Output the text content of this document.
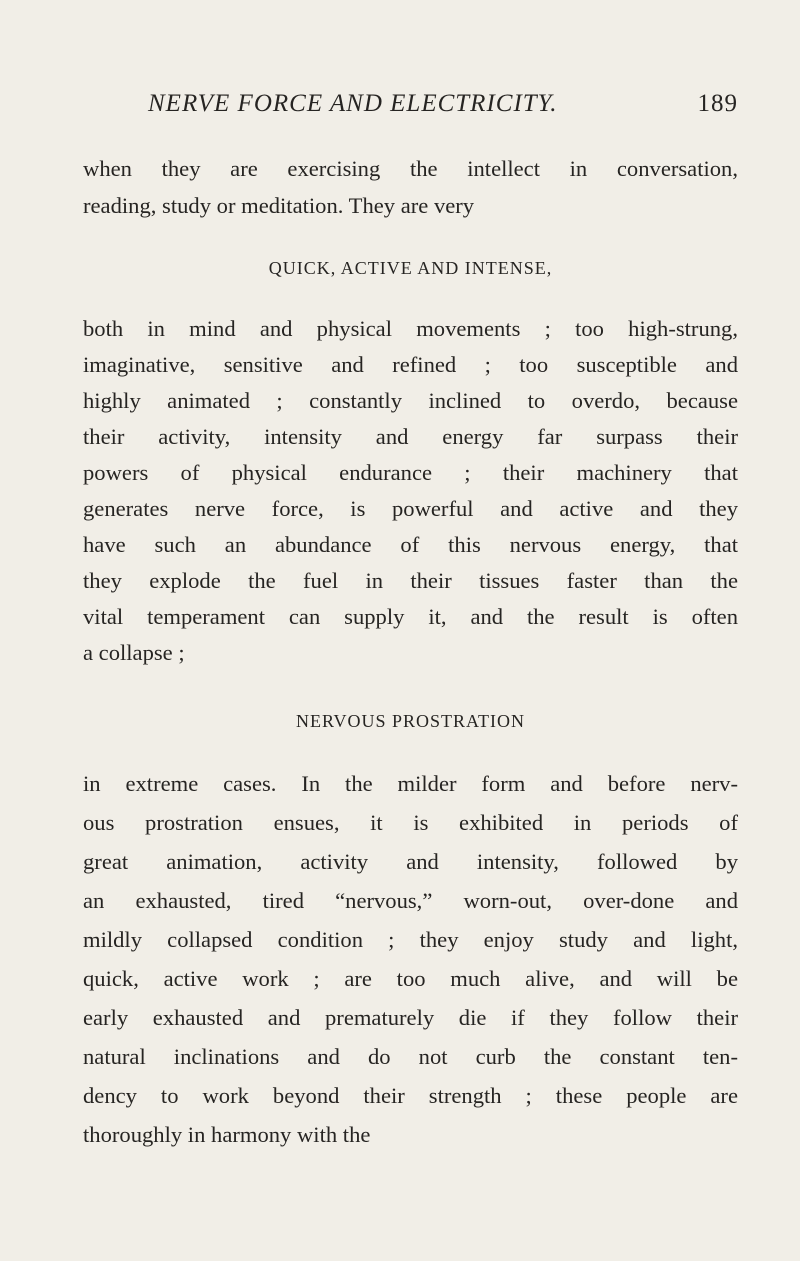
NERVE FORCE AND ELECTRICITY.	189
when they are exercising the intellect in conversation,
reading, study or meditation. They are very
QUICK, ACTIVE AND INTENSE,
both in mind and physical movements ; too high-strung,
imaginative, sensitive and refined ; too susceptible and
highly animated ; constantly inclined to overdo, because
their activity, intensity and energy far surpass their
powers of physical endurance ; their machinery that
generates nerve force, is powerful and active and they
have such an abundance of this nervous energy, that
they explode the fuel in their tissues faster than the
vital temperament can supply it, and the result is often
a collapse ;
NERVOUS PROSTRATION
in extreme cases. In the milder form and before nerv-
ous prostration ensues, it is exhibited in periods of
great animation, activity and intensity, followed by
an exhausted, tired “nervous,” worn-out, over-done and
mildly collapsed condition ; they enjoy study and light,
quick, active work ; are too much alive, and will be
early exhausted and prematurely die if they follow their
natural inclinations and do not curb the constant ten-
dency to work beyond their strength ; these people are
thoroughly in harmony with the
